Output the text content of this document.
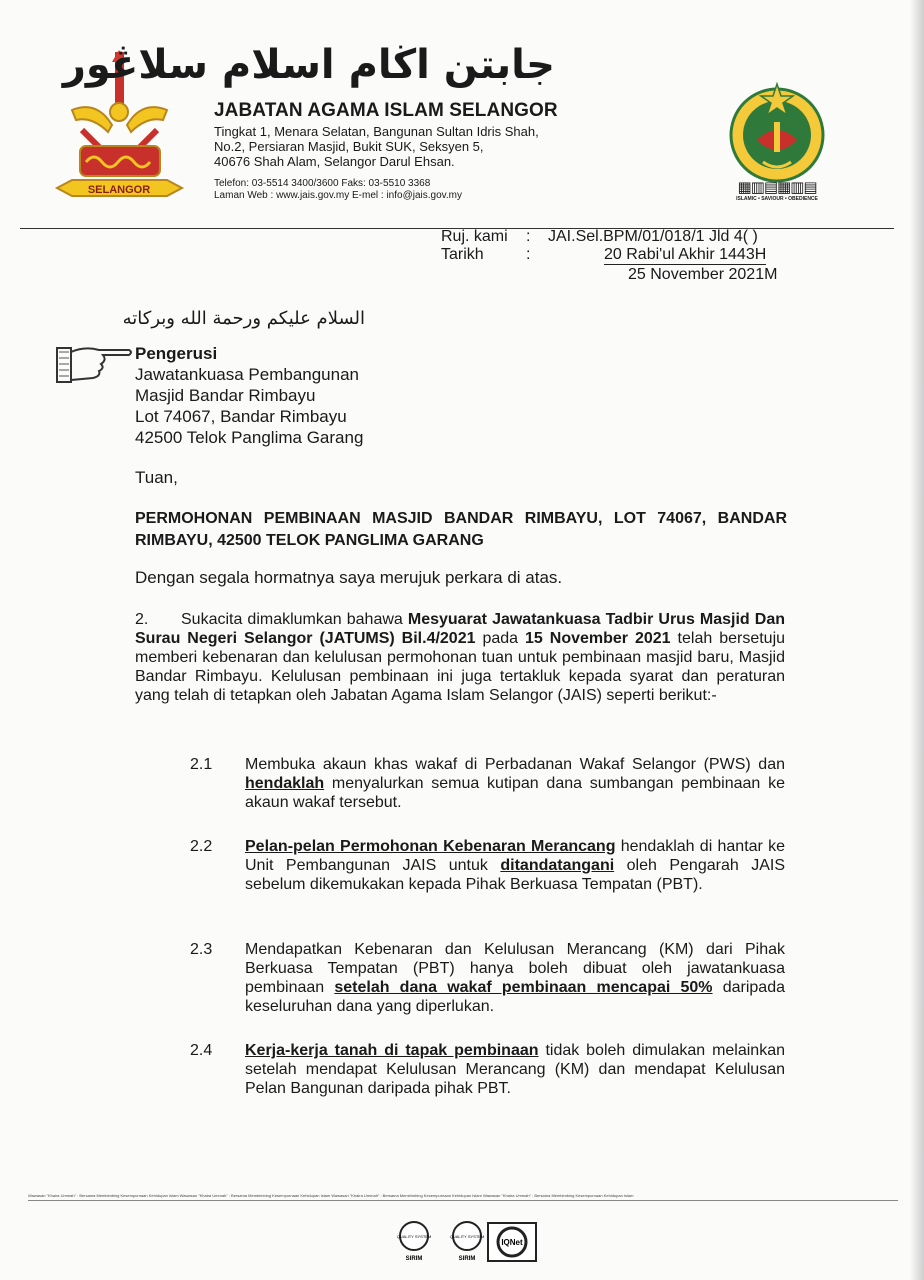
SELANGOR
جابتن اڬام اسلام سلاڠور
JABATAN AGAMA ISLAM SELANGOR
Tingkat 1, Menara Selatan, Bangunan Sultan Idris Shah,
No.2, Persiaran Masjid, Bukit SUK, Seksyen 5,
40676 Shah Alam, Selangor Darul Ehsan.
Telefon: 03-5514 3400/3600 Faks: 03-5510 3368
Laman Web : www.jais.gov.my E-mel : info@jais.gov.my	▦▥▤▦▥▤
ISLAMIC • SAVIOUR • OBEDIENCE
Ruj. kami : JAI.Sel.BPM/01/018/1 Jld 4( )
Tarikh	:	20 Rabi'ul Akhir 1443H
25 November 2021M
السلام عليكم ورحمة الله وبركاته
Pengerusi
Jawatankuasa Pembangunan
Masjid Bandar Rimbayu
Lot 74067, Bandar Rimbayu
42500 Telok Panglima Garang
Tuan,
PERMOHONAN PEMBINAAN MASJID BANDAR RIMBAYU, LOT 74067, BANDAR RIMBAYU, 42500 TELOK PANGLIMA GARANG
Dengan segala hormatnya saya merujuk perkara di atas.
2. Sukacita dimaklumkan bahawa Mesyuarat Jawatankuasa Tadbir Urus Masjid Dan Surau Negeri Selangor (JATUMS) Bil.4/2021 pada 15 November 2021 telah bersetuju memberi kebenaran dan kelulusan permohonan tuan untuk pembinaan masjid baru, Masjid Bandar Rimbayu. Kelulusan pembinaan ini juga tertakluk kepada syarat dan peraturan yang telah di tetapkan oleh Jabatan Agama Islam Selangor (JAIS) seperti berikut:-
2.1 Membuka akaun khas wakaf di Perbadanan Wakaf Selangor (PWS) dan hendaklah menyalurkan semua kutipan dana sumbangan pembinaan ke akaun wakaf tersebut.
2.2 Pelan-pelan Permohonan Kebenaran Merancang hendaklah di hantar ke Unit Pembangunan JAIS untuk ditandatangani oleh Pengarah JAIS sebelum dikemukakan kepada Pihak Berkuasa Tempatan (PBT).
2.3 Mendapatkan Kebenaran dan Kelulusan Merancang (KM) dari Pihak Berkuasa Tempatan (PBT) hanya boleh dibuat oleh jawatankuasa pembinaan setelah dana wakaf pembinaan mencapai 50% daripada keseluruhan dana yang diperlukan.
2.4 Kerja-kerja tanah di tapak pembinaan tidak boleh dimulakan melainkan setelah mendapat Kelulusan Merancang (KM) dan mendapat Kelulusan Pelan Bangunan daripada pihak PBT.
Wawasan "Khaira Ummah" : Bersama Membimbing Kesempurnaan Kehidupan Islam Wawasan "Khaira Ummah" : Bersama Membimbing Kesempurnaan Kehidupan Islam Wawasan "Khaira Ummah" : Bersama Membimbing Kesempurnaan Kehidupan Islam Wawasan "Khaira Ummah" : Bersama Membimbing Kesempurnaan Kehidupan Islam
QUALITY SYSTEM
SIRIM
QUALITY SYSTEM
SIRIM
IQNet
